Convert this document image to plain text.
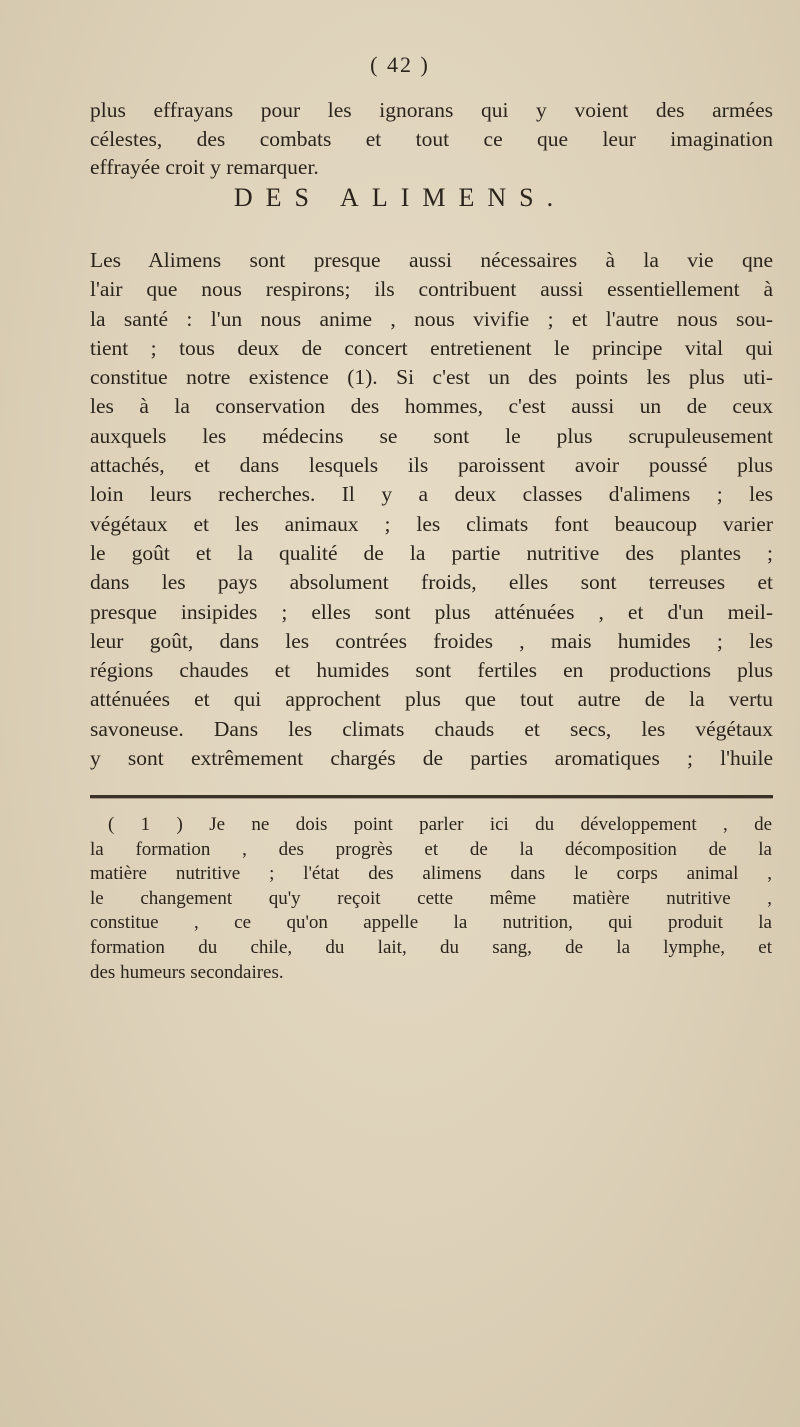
( 42 )
plus effrayans pour les ignorans qui y voient des armées
célestes, des combats et tout ce que leur imagination
effrayée croit y remarquer.
DES ALIMENS.
Les Alimens sont presque aussi nécessaires à la vie qne
l'air que nous respirons; ils contribuent aussi essentiellement à
la santé : l'un nous anime , nous vivifie ; et l'autre nous sou-
tient ; tous deux de concert entretienent le principe vital qui
constitue notre existence (1). Si c'est un des points les plus uti-
les à la conservation des hommes, c'est aussi un de ceux
auxquels les médecins se sont le plus scrupuleusement
attachés, et dans lesquels ils paroissent avoir poussé plus
loin leurs recherches. Il y a deux classes d'alimens ; les
végétaux et les animaux ; les climats font beaucoup varier
le goût et la qualité de la partie nutritive des plantes ;
dans les pays absolument froids, elles sont terreuses et
presque insipides ; elles sont plus atténuées , et d'un meil-
leur goût, dans les contrées froides , mais humides ; les
régions chaudes et humides sont fertiles en productions plus
atténuées et qui approchent plus que tout autre de la vertu
savoneuse. Dans les climats chauds et secs, les végétaux
y sont extrêmement chargés de parties aromatiques ; l'huile
( 1 ) Je ne dois point parler ici du développement , de
la formation , des progrès et de la décomposition de la
matière nutritive ; l'état des alimens dans le corps animal ,
le changement qu'y reçoit cette même matière nutritive ,
constitue , ce qu'on appelle la nutrition, qui produit la
formation du chile, du lait, du sang, de la lymphe, et
des humeurs secondaires.
